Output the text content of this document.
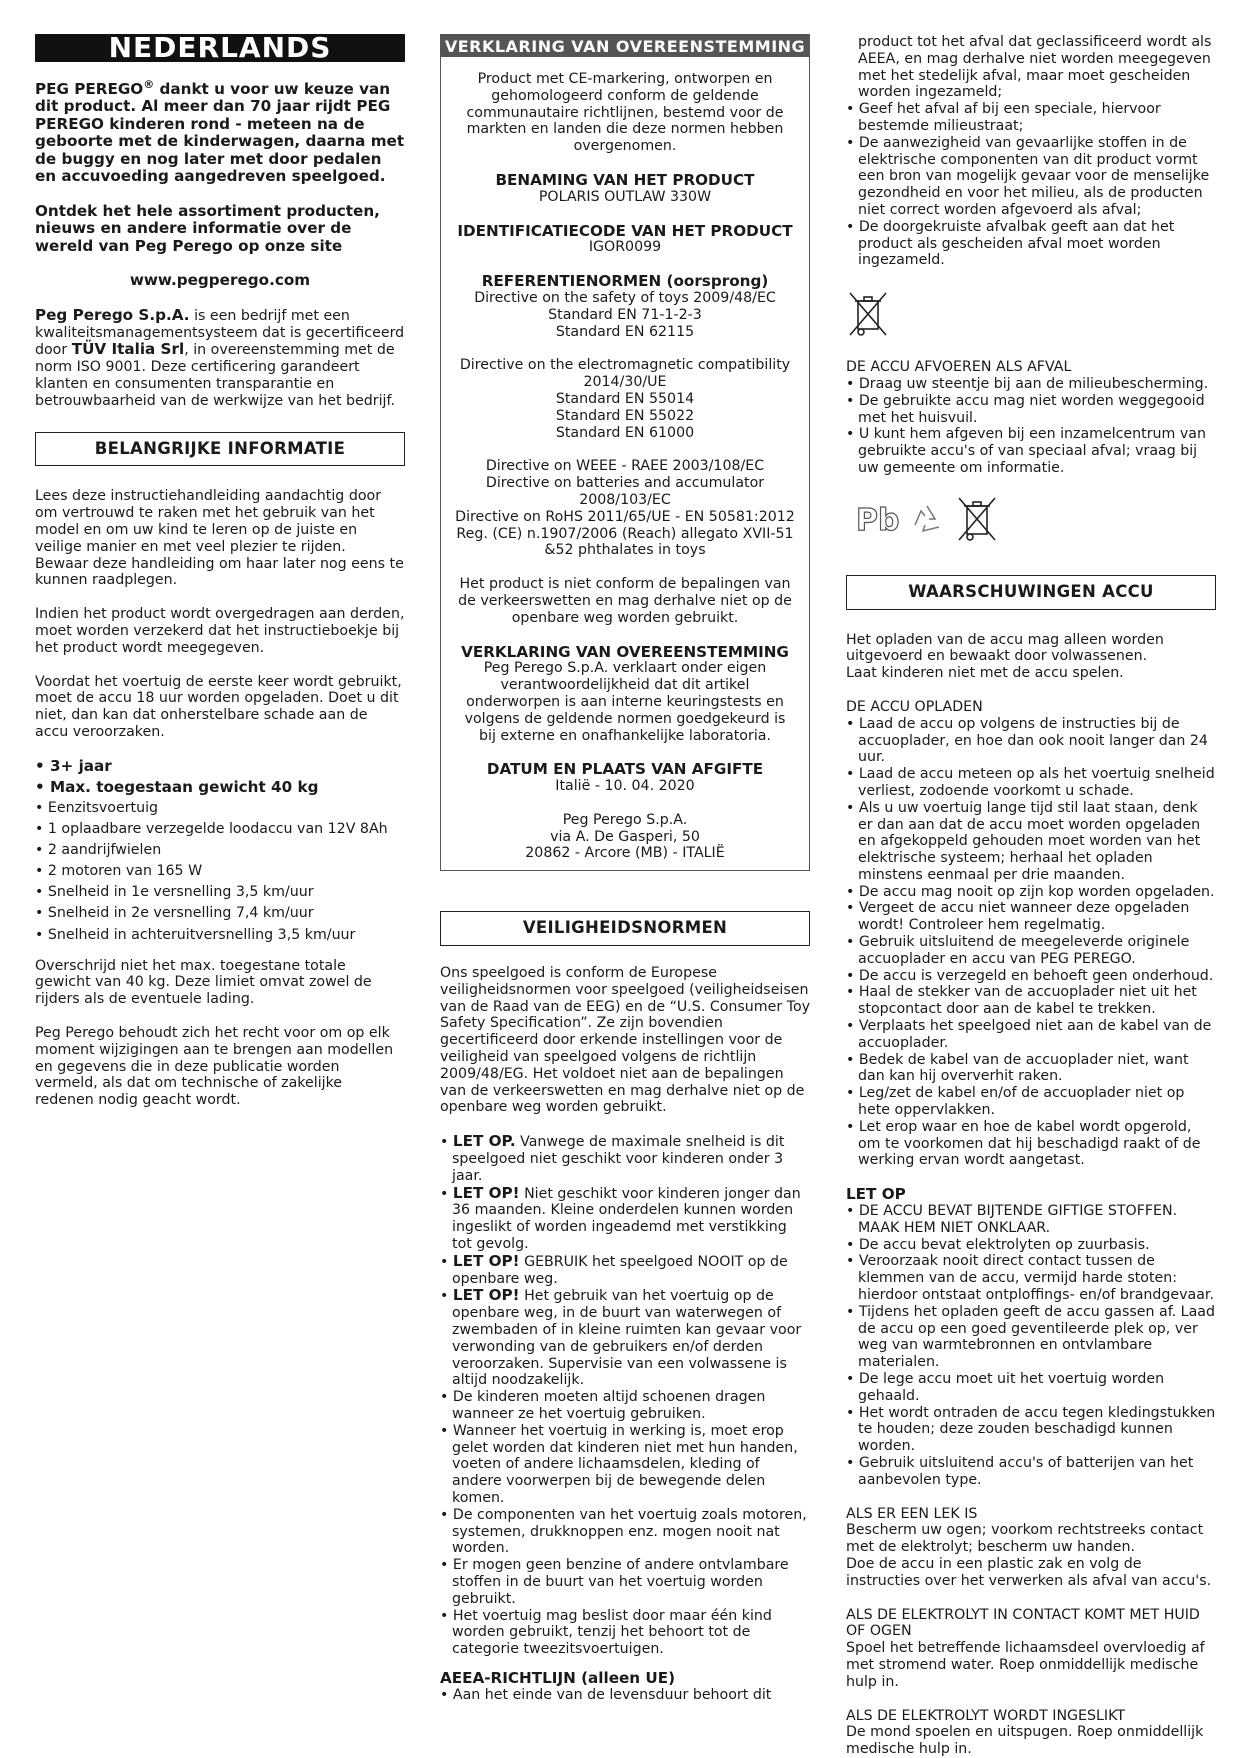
NEDERLANDS
PEG PEREGO® dankt u voor uw keuze van dit product. Al meer dan 70 jaar rijdt PEG PEREGO kinderen rond - meteen na de geboorte met de kinderwagen, daarna met de buggy en nog later met door pedalen en accuvoeding aangedreven speelgoed.
Ontdek het hele assortiment producten, nieuws en andere informatie over de wereld van Peg Perego op onze site
www.pegperego.com

Peg Perego S.p.A. is een bedrijf met een kwaliteitsmanagementsysteem dat is gecertificeerd door TÜV Italia Srl, in overeenstemming met de norm ISO 9001. Deze certificering garandeert klanten en consumenten transparantie en betrouwbaarheid van de werkwijze van het bedrijf.

BELANGRIJKE INFORMATIE

Lees deze instructiehandleiding aandachtig door om vertrouwd te raken met het gebruik van het model en om uw kind te leren op de juiste en veilige manier en met veel plezier te rijden.

Bewaar deze handleiding om haar later nog eens te kunnen raadplegen.

Indien het product wordt overgedragen aan derden, moet worden verzekerd dat het instructieboekje bij het product wordt meegegeven.

Voordat het voertuig de eerste keer wordt gebruikt, moet de accu 18 uur worden opgeladen. Doet u dit niet, dan kan dat onherstelbare schade aan de accu veroorzaken.

• 3+ jaar
• Max. toegestaan gewicht 40 kg
• Eenzitsvoertuig
• 1 oplaadbare verzegelde loodaccu van 12V 8Ah
• 2 aandrijfwielen
• 2 motoren van 165 W
• Snelheid in 1e versnelling 3,5 km/uur
• Snelheid in 2e versnelling 7,4 km/uur
• Snelheid in achteruitversnelling 3,5 km/uur

Overschrijd niet het max. toegestane totale gewicht van 40 kg. Deze limiet omvat zowel de rijders als de eventuele lading.

Peg Perego behoudt zich het recht voor om op elk moment wijzigingen aan te brengen aan modellen en gegevens die in deze publicatie worden vermeld, als dat om technische of zakelijke redenen nodig geacht wordt.

VERKLARING VAN OVEREENSTEMMING

Product met CE-markering, ontworpen en gehomologeerd conform de geldende communautaire richtlijnen, bestemd voor de markten en landen die deze normen hebben overgenomen.

BENAMING VAN HET PRODUCT
POLARIS OUTLAW 330W
IDENTIFICATIECODE VAN HET PRODUCT
IGOR0099
REFERENTIENORMEN (oorsprong)
Directive on the safety of toys 2009/48/EC
Standard EN 71-1-2-3
Standard EN 62115
Directive on the electromagnetic compatibility 2014/30/UE
Standard EN 55014
Standard EN 55022
Standard EN 61000
Directive on WEEE - RAEE 2003/108/EC
Directive on batteries and accumulator 2008/103/EC
Directive on RoHS 2011/65/UE - EN 50581:2012
Reg. (CE) n.1907/2006 (Reach) allegato XVII-51 &52 phthalates in toys

Het product is niet conform de bepalingen van de verkeerswetten en mag derhalve niet op de openbare weg worden gebruikt.

VERKLARING VAN OVEREENSTEMMING

Peg Perego S.p.A. verklaart onder eigen verantwoordelijkheid dat dit artikel onderworpen is aan interne keuringstests en volgens de geldende normen goedgekeurd is bij externe en onafhankelijke laboratoria.

DATUM EN PLAATS VAN AFGIFTE
Italië - 10. 04. 2020
Peg Perego S.p.A.
via A. De Gasperi, 50
20862 - Arcore (MB) - ITALIË
VEILIGHEIDSNORMEN

Ons speelgoed is conform de Europese veiligheidsnormen voor speelgoed (veiligheidseisen van de Raad van de EEG) en de “U.S. Consumer Toy Safety Specification”. Ze zijn bovendien gecertificeerd door erkende instellingen voor de veiligheid van speelgoed volgens de richtlijn 2009/48/EG. Het voldoet niet aan de bepalingen van de verkeerswetten en mag derhalve niet op de openbare weg worden gebruikt.

• LET OP. Vanwege de maximale snelheid is dit speelgoed niet geschikt voor kinderen onder 3 jaar.
• LET OP! Niet geschikt voor kinderen jonger dan 36 maanden. Kleine onderdelen kunnen worden ingeslikt of worden ingeademd met verstikking tot gevolg.
• LET OP! GEBRUIK het speelgoed NOOIT op de openbare weg.
• LET OP! Het gebruik van het voertuig op de openbare weg, in de buurt van waterwegen of zwembaden of in kleine ruimten kan gevaar voor verwonding van de gebruikers en/of derden veroorzaken. Supervisie van een volwassene is altijd noodzakelijk.
• De kinderen moeten altijd schoenen dragen wanneer ze het voertuig gebruiken.
• Wanneer het voertuig in werking is, moet erop gelet worden dat kinderen niet met hun handen, voeten of andere lichaamsdelen, kleding of andere voorwerpen bij de bewegende delen komen.
• De componenten van het voertuig zoals motoren, systemen, drukknoppen enz. mogen nooit nat worden.
• Er mogen geen benzine of andere ontvlambare stoffen in de buurt van het voertuig worden gebruikt.
• Het voertuig mag beslist door maar één kind worden gebruikt, tenzij het behoort tot de categorie tweezitsvoertuigen.
AEEA-RICHTLIJN (alleen UE)
• Aan het einde van de levensduur behoort dit

product tot het afval dat geclassificeerd wordt als AEEA, en mag derhalve niet worden meegegeven met het stedelijk afval, maar moet gescheiden worden ingezameld;

• Geef het afval af bij een speciale, hiervoor bestemde milieustraat;
• De aanwezigheid van gevaarlijke stoffen in de elektrische componenten van dit product vormt een bron van mogelijk gevaar voor de menselijke gezondheid en voor het milieu, als de producten niet correct worden afgevoerd als afval;
• De doorgekruiste afvalbak geeft aan dat het product als gescheiden afval moet worden ingezameld.
DE ACCU AFVOEREN ALS AFVAL
• Draag uw steentje bij aan de milieubescherming.
• De gebruikte accu mag niet worden weggegooid met het huisvuil.
• U kunt hem afgeven bij een inzamelcentrum van gebruikte accu's of van speciaal afval; vraag bij uw gemeente om informatie.
Pb
WAARSCHUWINGEN ACCU

Het opladen van de accu mag alleen worden uitgevoerd en bewaakt door volwassenen.

Laat kinderen niet met de accu spelen.

DE ACCU OPLADEN
• Laad de accu op volgens de instructies bij de accuoplader, en hoe dan ook nooit langer dan 24 uur.
• Laad de accu meteen op als het voertuig snelheid verliest, zodoende voorkomt u schade.
• Als u uw voertuig lange tijd stil laat staan, denk er dan aan dat de accu moet worden opgeladen en afgekoppeld gehouden moet worden van het elektrische systeem; herhaal het opladen minstens eenmaal per drie maanden.
• De accu mag nooit op zijn kop worden opgeladen.
• Vergeet de accu niet wanneer deze opgeladen wordt! Controleer hem regelmatig.
• Gebruik uitsluitend de meegeleverde originele accuoplader en accu van PEG PEREGO.
• De accu is verzegeld en behoeft geen onderhoud.
• Haal de stekker van de accuoplader niet uit het stopcontact door aan de kabel te trekken.
• Verplaats het speelgoed niet aan de kabel van de accuoplader.
• Bedek de kabel van de accuoplader niet, want dan kan hij oververhit raken.
• Leg/zet de kabel en/of de accuoplader niet op hete oppervlakken.
• Let erop waar en hoe de kabel wordt opgerold, om te voorkomen dat hij beschadigd raakt of de werking ervan wordt aangetast.
LET OP
• DE ACCU BEVAT BIJTENDE GIFTIGE STOFFEN. MAAK HEM NIET ONKLAAR.
• De accu bevat elektrolyten op zuurbasis.
• Veroorzaak nooit direct contact tussen de klemmen van de accu, vermijd harde stoten: hierdoor ontstaat ontploffings- en/of brandgevaar.
• Tijdens het opladen geeft de accu gassen af. Laad de accu op een goed geventileerde plek op, ver weg van warmtebronnen en ontvlambare materialen.
• De lege accu moet uit het voertuig worden gehaald.
• Het wordt ontraden de accu tegen kledingstukken te houden; deze zouden beschadigd kunnen worden.
• Gebruik uitsluitend accu's of batterijen van het aanbevolen type.
ALS ER EEN LEK IS

Bescherm uw ogen; voorkom rechtstreeks contact met de elektrolyt; bescherm uw handen.

Doe de accu in een plastic zak en volg de instructies over het verwerken als afval van accu's.

ALS DE ELEKTROLYT IN CONTACT KOMT MET HUID OF OGEN

Spoel het betreffende lichaamsdeel overvloedig af met stromend water. Roep onmiddellijk medische hulp in.

ALS DE ELEKTROLYT WORDT INGESLIKT

De mond spoelen en uitspugen. Roep onmiddellijk medische hulp in.
